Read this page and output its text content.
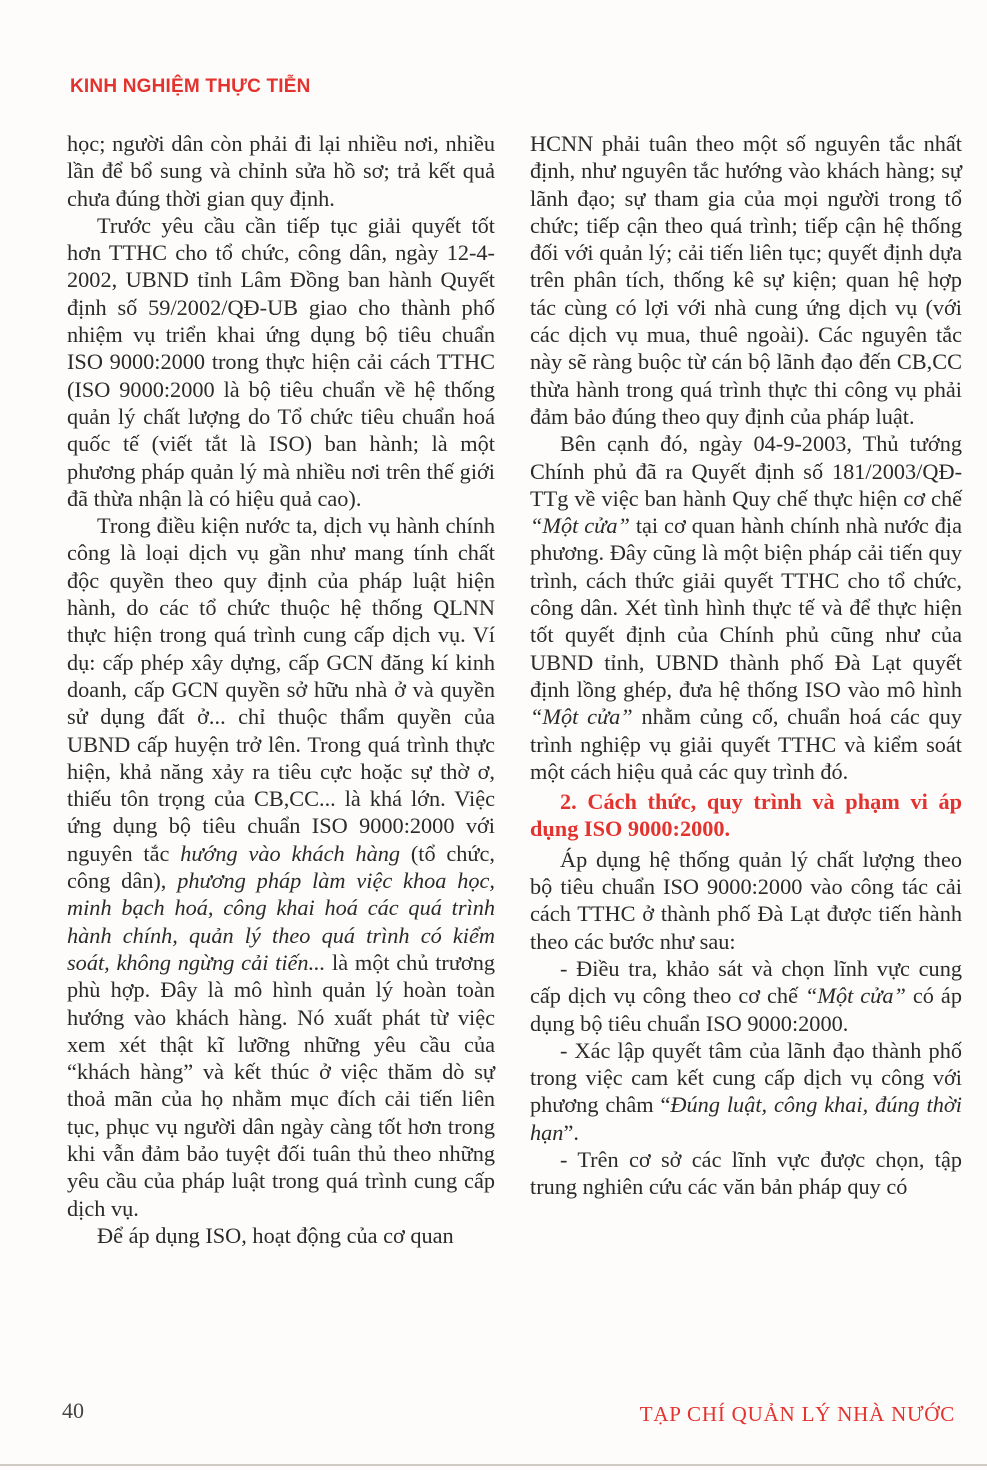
KINH NGHIỆM THỰC TIỄN

học; người dân còn phải đi lại nhiều nơi, nhiều lần để bổ sung và chỉnh sửa hồ sơ; trả kết quả chưa đúng thời gian quy định.

Trước yêu cầu cần tiếp tục giải quyết tốt hơn TTHC cho tổ chức, công dân, ngày 12-4-2002, UBND tỉnh Lâm Đồng ban hành Quyết định số 59/2002/QĐ-UB giao cho thành phố nhiệm vụ triển khai ứng dụng bộ tiêu chuẩn ISO 9000:2000 trong thực hiện cải cách TTHC (ISO 9000:2000 là bộ tiêu chuẩn về hệ thống quản lý chất lượng do Tổ chức tiêu chuẩn hoá quốc tế (viết tắt là ISO) ban hành; là một phương pháp quản lý mà nhiều nơi trên thế giới đã thừa nhận là có hiệu quả cao).

Trong điều kiện nước ta, dịch vụ hành chính công là loại dịch vụ gần như mang tính chất độc quyền theo quy định của pháp luật hiện hành, do các tổ chức thuộc hệ thống QLNN thực hiện trong quá trình cung cấp dịch vụ. Ví dụ: cấp phép xây dựng, cấp GCN đăng kí kinh doanh, cấp GCN quyền sở hữu nhà ở và quyền sử dụng đất ở... chỉ thuộc thẩm quyền của UBND cấp huyện trở lên. Trong quá trình thực hiện, khả năng xảy ra tiêu cực hoặc sự thờ ơ, thiếu tôn trọng của CB,CC... là khá lớn. Việc ứng dụng bộ tiêu chuẩn ISO 9000:2000 với nguyên tắc hướng vào khách hàng (tổ chức, công dân), phương pháp làm việc khoa học, minh bạch hoá, công khai hoá các quá trình hành chính, quản lý theo quá trình có kiểm soát, không ngừng cải tiến... là một chủ trương phù hợp. Đây là mô hình quản lý hoàn toàn hướng vào khách hàng. Nó xuất phát từ việc xem xét thật kĩ lưỡng những yêu cầu của “khách hàng” và kết thúc ở việc thăm dò sự thoả mãn của họ nhằm mục đích cải tiến liên tục, phục vụ người dân ngày càng tốt hơn trong khi vẫn đảm bảo tuyệt đối tuân thủ theo những yêu cầu của pháp luật trong quá trình cung cấp dịch vụ.

Để áp dụng ISO, hoạt động của cơ quan

HCNN phải tuân theo một số nguyên tắc nhất định, như nguyên tắc hướng vào khách hàng; sự lãnh đạo; sự tham gia của mọi người trong tổ chức; tiếp cận theo quá trình; tiếp cận hệ thống đối với quản lý; cải tiến liên tục; quyết định dựa trên phân tích, thống kê sự kiện; quan hệ hợp tác cùng có lợi với nhà cung ứng dịch vụ (với các dịch vụ mua, thuê ngoài). Các nguyên tắc này sẽ ràng buộc từ cán bộ lãnh đạo đến CB,CC thừa hành trong quá trình thực thi công vụ phải đảm bảo đúng theo quy định của pháp luật.

Bên cạnh đó, ngày 04-9-2003, Thủ tướng Chính phủ đã ra Quyết định số 181/2003/QĐ-TTg về việc ban hành Quy chế thực hiện cơ chế “Một cửa” tại cơ quan hành chính nhà nước địa phương. Đây cũng là một biện pháp cải tiến quy trình, cách thức giải quyết TTHC cho tổ chức, công dân. Xét tình hình thực tế và để thực hiện tốt quyết định của Chính phủ cũng như của UBND tỉnh, UBND thành phố Đà Lạt quyết định lồng ghép, đưa hệ thống ISO vào mô hình “Một cửa” nhằm củng cố, chuẩn hoá các quy trình nghiệp vụ giải quyết TTHC và kiểm soát một cách hiệu quả các quy trình đó.

2. Cách thức, quy trình và phạm vi áp dụng ISO 9000:2000.

Áp dụng hệ thống quản lý chất lượng theo bộ tiêu chuẩn ISO 9000:2000 vào công tác cải cách TTHC ở thành phố Đà Lạt được tiến hành theo các bước như sau:

- Điều tra, khảo sát và chọn lĩnh vực cung cấp dịch vụ công theo cơ chế “Một cửa” có áp dụng bộ tiêu chuẩn ISO 9000:2000.

- Xác lập quyết tâm của lãnh đạo thành phố trong việc cam kết cung cấp dịch vụ công với phương châm “Đúng luật, công khai, đúng thời hạn”.

- Trên cơ sở các lĩnh vực được chọn, tập trung nghiên cứu các văn bản pháp quy có

40	TẠP CHÍ QUẢN LÝ NHÀ NƯỚC
